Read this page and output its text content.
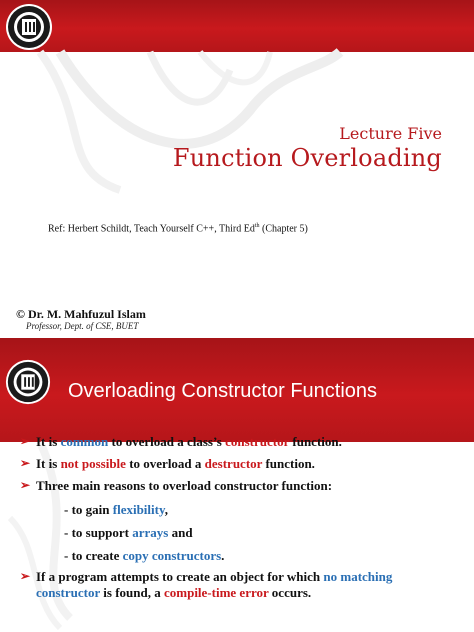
Lecture Five
Function Overloading
Ref: Herbert Schildt, Teach Yourself C++, Third $Ed^{th}$ (Chapter 5)
© Dr. M. Mahfuzul Islam
Professor, Dept. of CSE, BUET
Overloading Constructor Functions
➢ It is common to overload a class’s constructor function.
➢ It is not possible to overload a destructor function.
➢ Three main reasons to overload constructor function:
- to gain flexibility,
- to support arrays and
- to create copy constructors.
➢ If a program attempts to create an object for which no matching
constructor is found, a compile-time error occurs.
